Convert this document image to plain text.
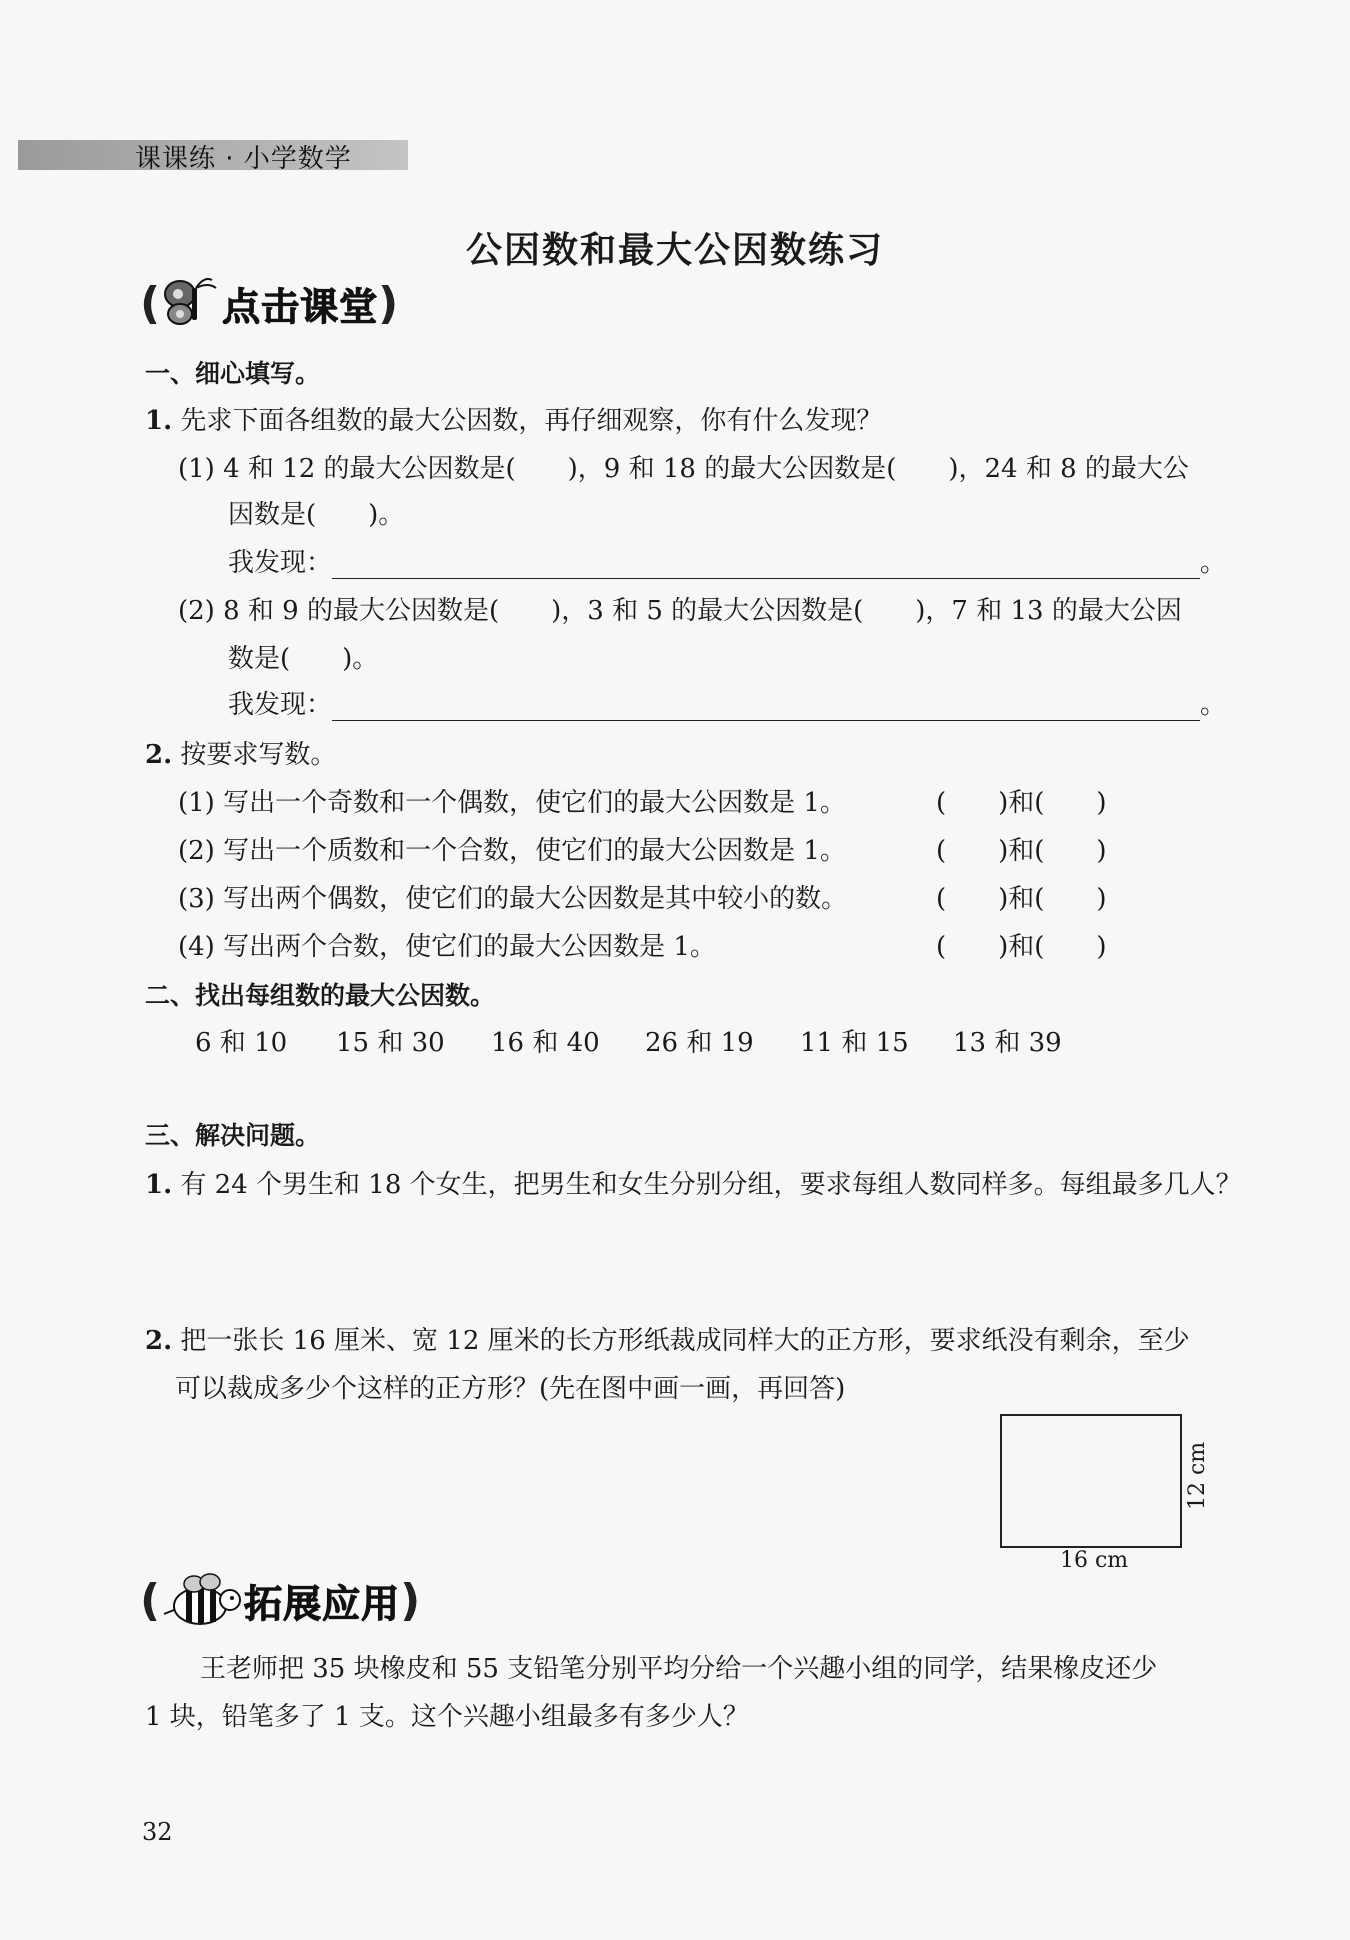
课课练 · 小学数学
公因数和最大公因数练习
( 点击课堂 )
一、细心填写。
1. 先求下面各组数的最大公因数，再仔细观察，你有什么发现？
(1) 4 和 12 的最大公因数是(　　)，9 和 18 的最大公因数是(　　)，24 和 8 的最大公
因数是(　　)。
我发现：	。
(2) 8 和 9 的最大公因数是(　　)，3 和 5 的最大公因数是(　　)，7 和 13 的最大公因
数是(　　)。
我发现：	。
2. 按要求写数。
(1) 写出一个奇数和一个偶数，使它们的最大公因数是 1。	(　　)和(　　)
(2) 写出一个质数和一个合数，使它们的最大公因数是 1。	(　　)和(　　)
(3) 写出两个偶数，使它们的最大公因数是其中较小的数。	(　　)和(　　)
(4) 写出两个合数，使它们的最大公因数是 1。	(　　)和(　　)
二、找出每组数的最大公因数。
6 和 10 15 和 30 16 和 40 26 和 19 11 和 15 13 和 39
三、解决问题。
1. 有 24 个男生和 18 个女生，把男生和女生分别分组，要求每组人数同样多。每组最多几人？
2. 把一张长 16 厘米、宽 12 厘米的长方形纸裁成同样大的正方形，要求纸没有剩余，至少
可以裁成多少个这样的正方形？(先在图中画一画，再回答)
16 cm
12 cm
( 拓展应用 )
王老师把 35 块橡皮和 55 支铅笔分别平均分给一个兴趣小组的同学，结果橡皮还少
1 块，铅笔多了 1 支。这个兴趣小组最多有多少人？
32
